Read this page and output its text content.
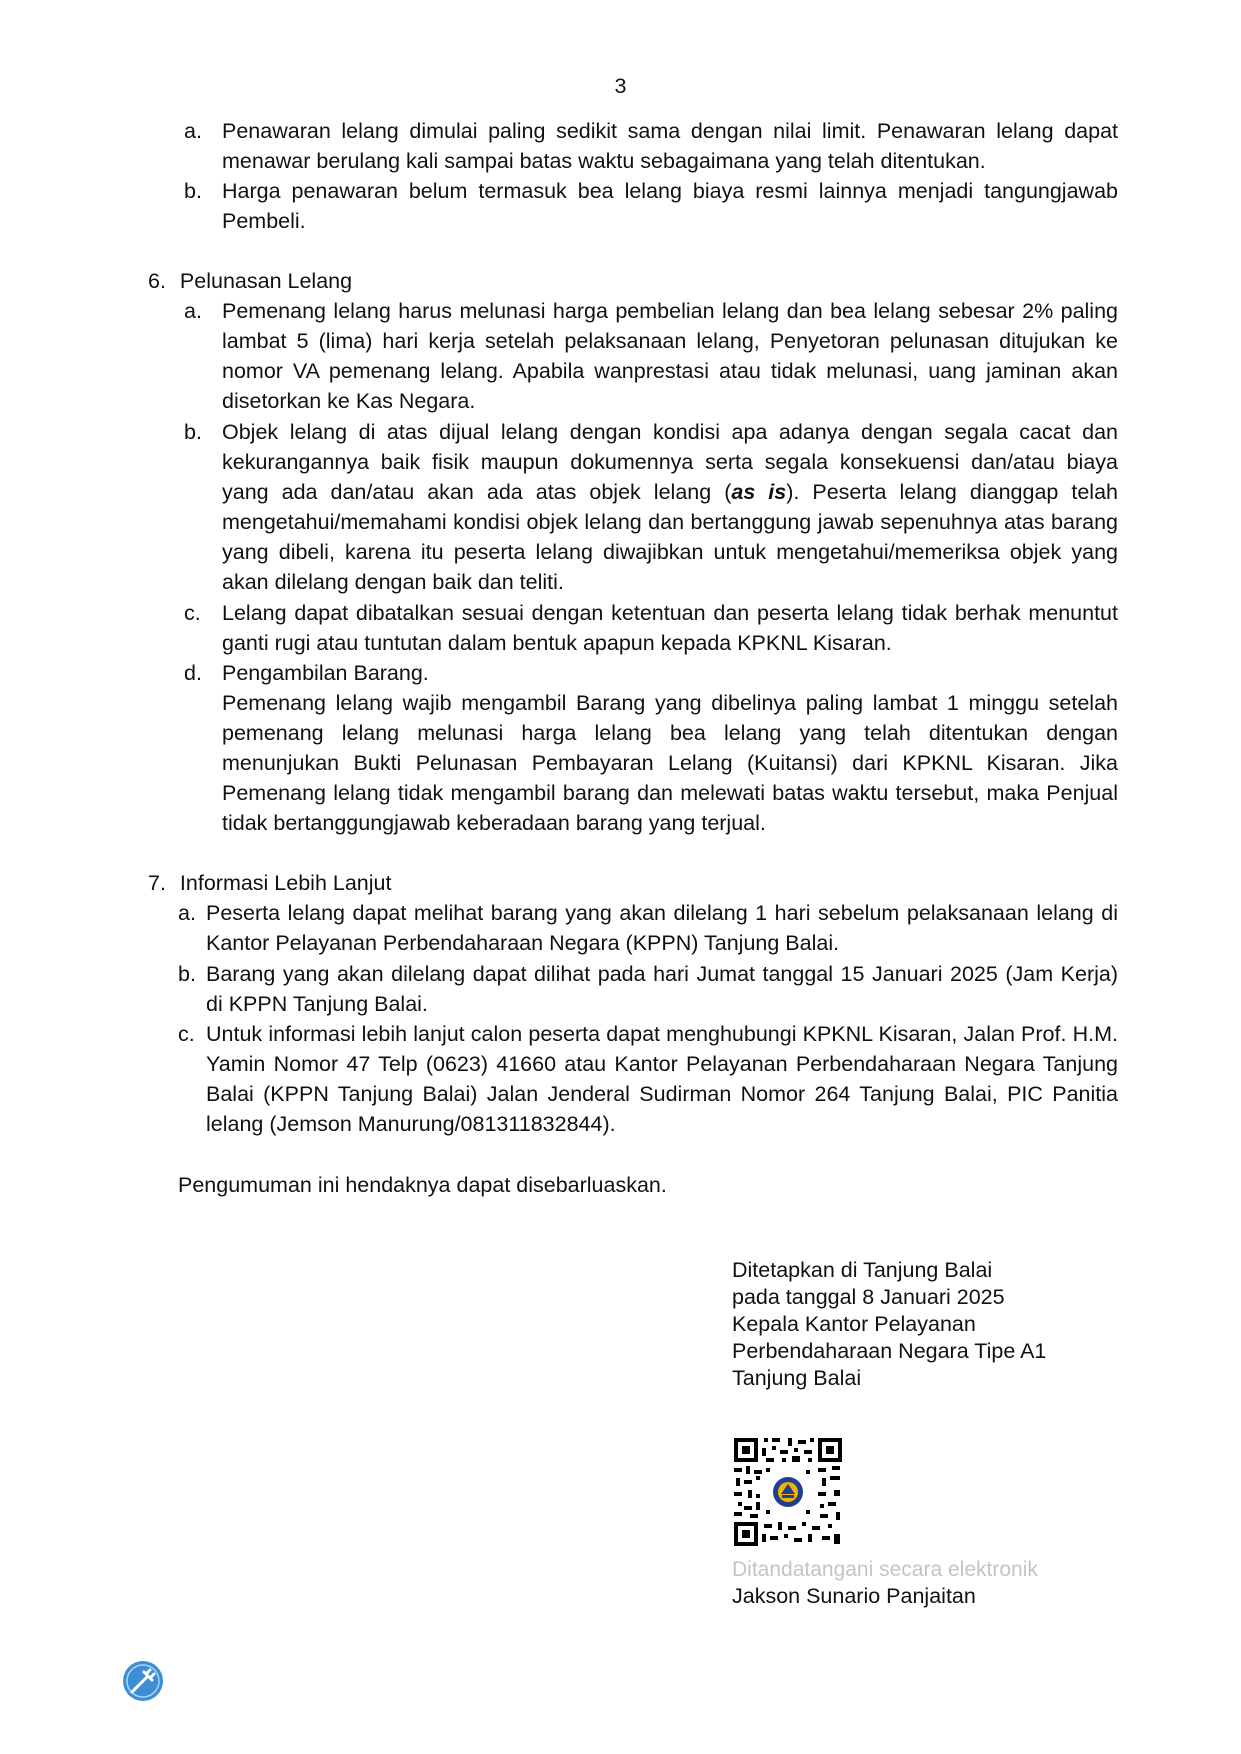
3
a. Penawaran lelang dimulai paling sedikit sama dengan nilai limit. Penawaran lelang dapat menawar berulang kali sampai batas waktu sebagaimana yang telah ditentukan.

b. Harga penawaran belum termasuk bea lelang biaya resmi lainnya menjadi tangungjawab Pembeli.

6. Pelunasan Lelang
a. Pemenang lelang harus melunasi harga pembelian lelang dan bea lelang sebesar 2% paling lambat 5 (lima) hari kerja setelah pelaksanaan lelang, Penyetoran pelunasan ditujukan ke nomor VA pemenang lelang. Apabila wanprestasi atau tidak melunasi, uang jaminan akan disetorkan ke Kas Negara.

b. Objek lelang di atas dijual lelang dengan kondisi apa adanya dengan segala cacat dan kekurangannya baik fisik maupun dokumennya serta segala konsekuensi dan/atau biaya yang ada dan/atau akan ada atas objek lelang (as is). Peserta lelang dianggap telah mengetahui/memahami kondisi objek lelang dan bertanggung jawab sepenuhnya atas barang yang dibeli, karena itu peserta lelang diwajibkan untuk mengetahui/memeriksa objek yang akan dilelang dengan baik dan teliti.

c. Lelang dapat dibatalkan sesuai dengan ketentuan dan peserta lelang tidak berhak menuntut ganti rugi atau tuntutan dalam bentuk apapun kepada KPKNL Kisaran.

d. Pengambilan Barang.

Pemenang lelang wajib mengambil Barang yang dibelinya paling lambat 1 minggu setelah pemenang lelang melunasi harga lelang bea lelang yang telah ditentukan dengan menunjukan Bukti Pelunasan Pembayaran Lelang (Kuitansi) dari KPKNL Kisaran. Jika Pemenang lelang tidak mengambil barang dan melewati batas waktu tersebut, maka Penjual tidak bertanggungjawab keberadaan barang yang terjual.

7. Informasi Lebih Lanjut
a. Peserta lelang dapat melihat barang yang akan dilelang 1 hari sebelum pelaksanaan lelang di Kantor Pelayanan Perbendaharaan Negara (KPPN) Tanjung Balai.

b. Barang yang akan dilelang dapat dilihat pada hari Jumat tanggal 15 Januari 2025 (Jam Kerja) di KPPN Tanjung Balai.

c. Untuk informasi lebih lanjut calon peserta dapat menghubungi KPKNL Kisaran, Jalan Prof. H.M. Yamin Nomor 47 Telp (0623) 41660 atau Kantor Pelayanan Perbendaharaan Negara Tanjung Balai (KPPN Tanjung Balai) Jalan Jenderal Sudirman Nomor 264 Tanjung Balai, PIC Panitia lelang (Jemson Manurung/081311832844).

Pengumuman ini hendaknya dapat disebarluaskan.
Ditetapkan di Tanjung Balai
pada tanggal 8 Januari 2025
Kepala Kantor Pelayanan
Perbendaharaan Negara Tipe A1
Tanjung Balai
Ditandatangani secara elektronik
Jakson Sunario Panjaitan
